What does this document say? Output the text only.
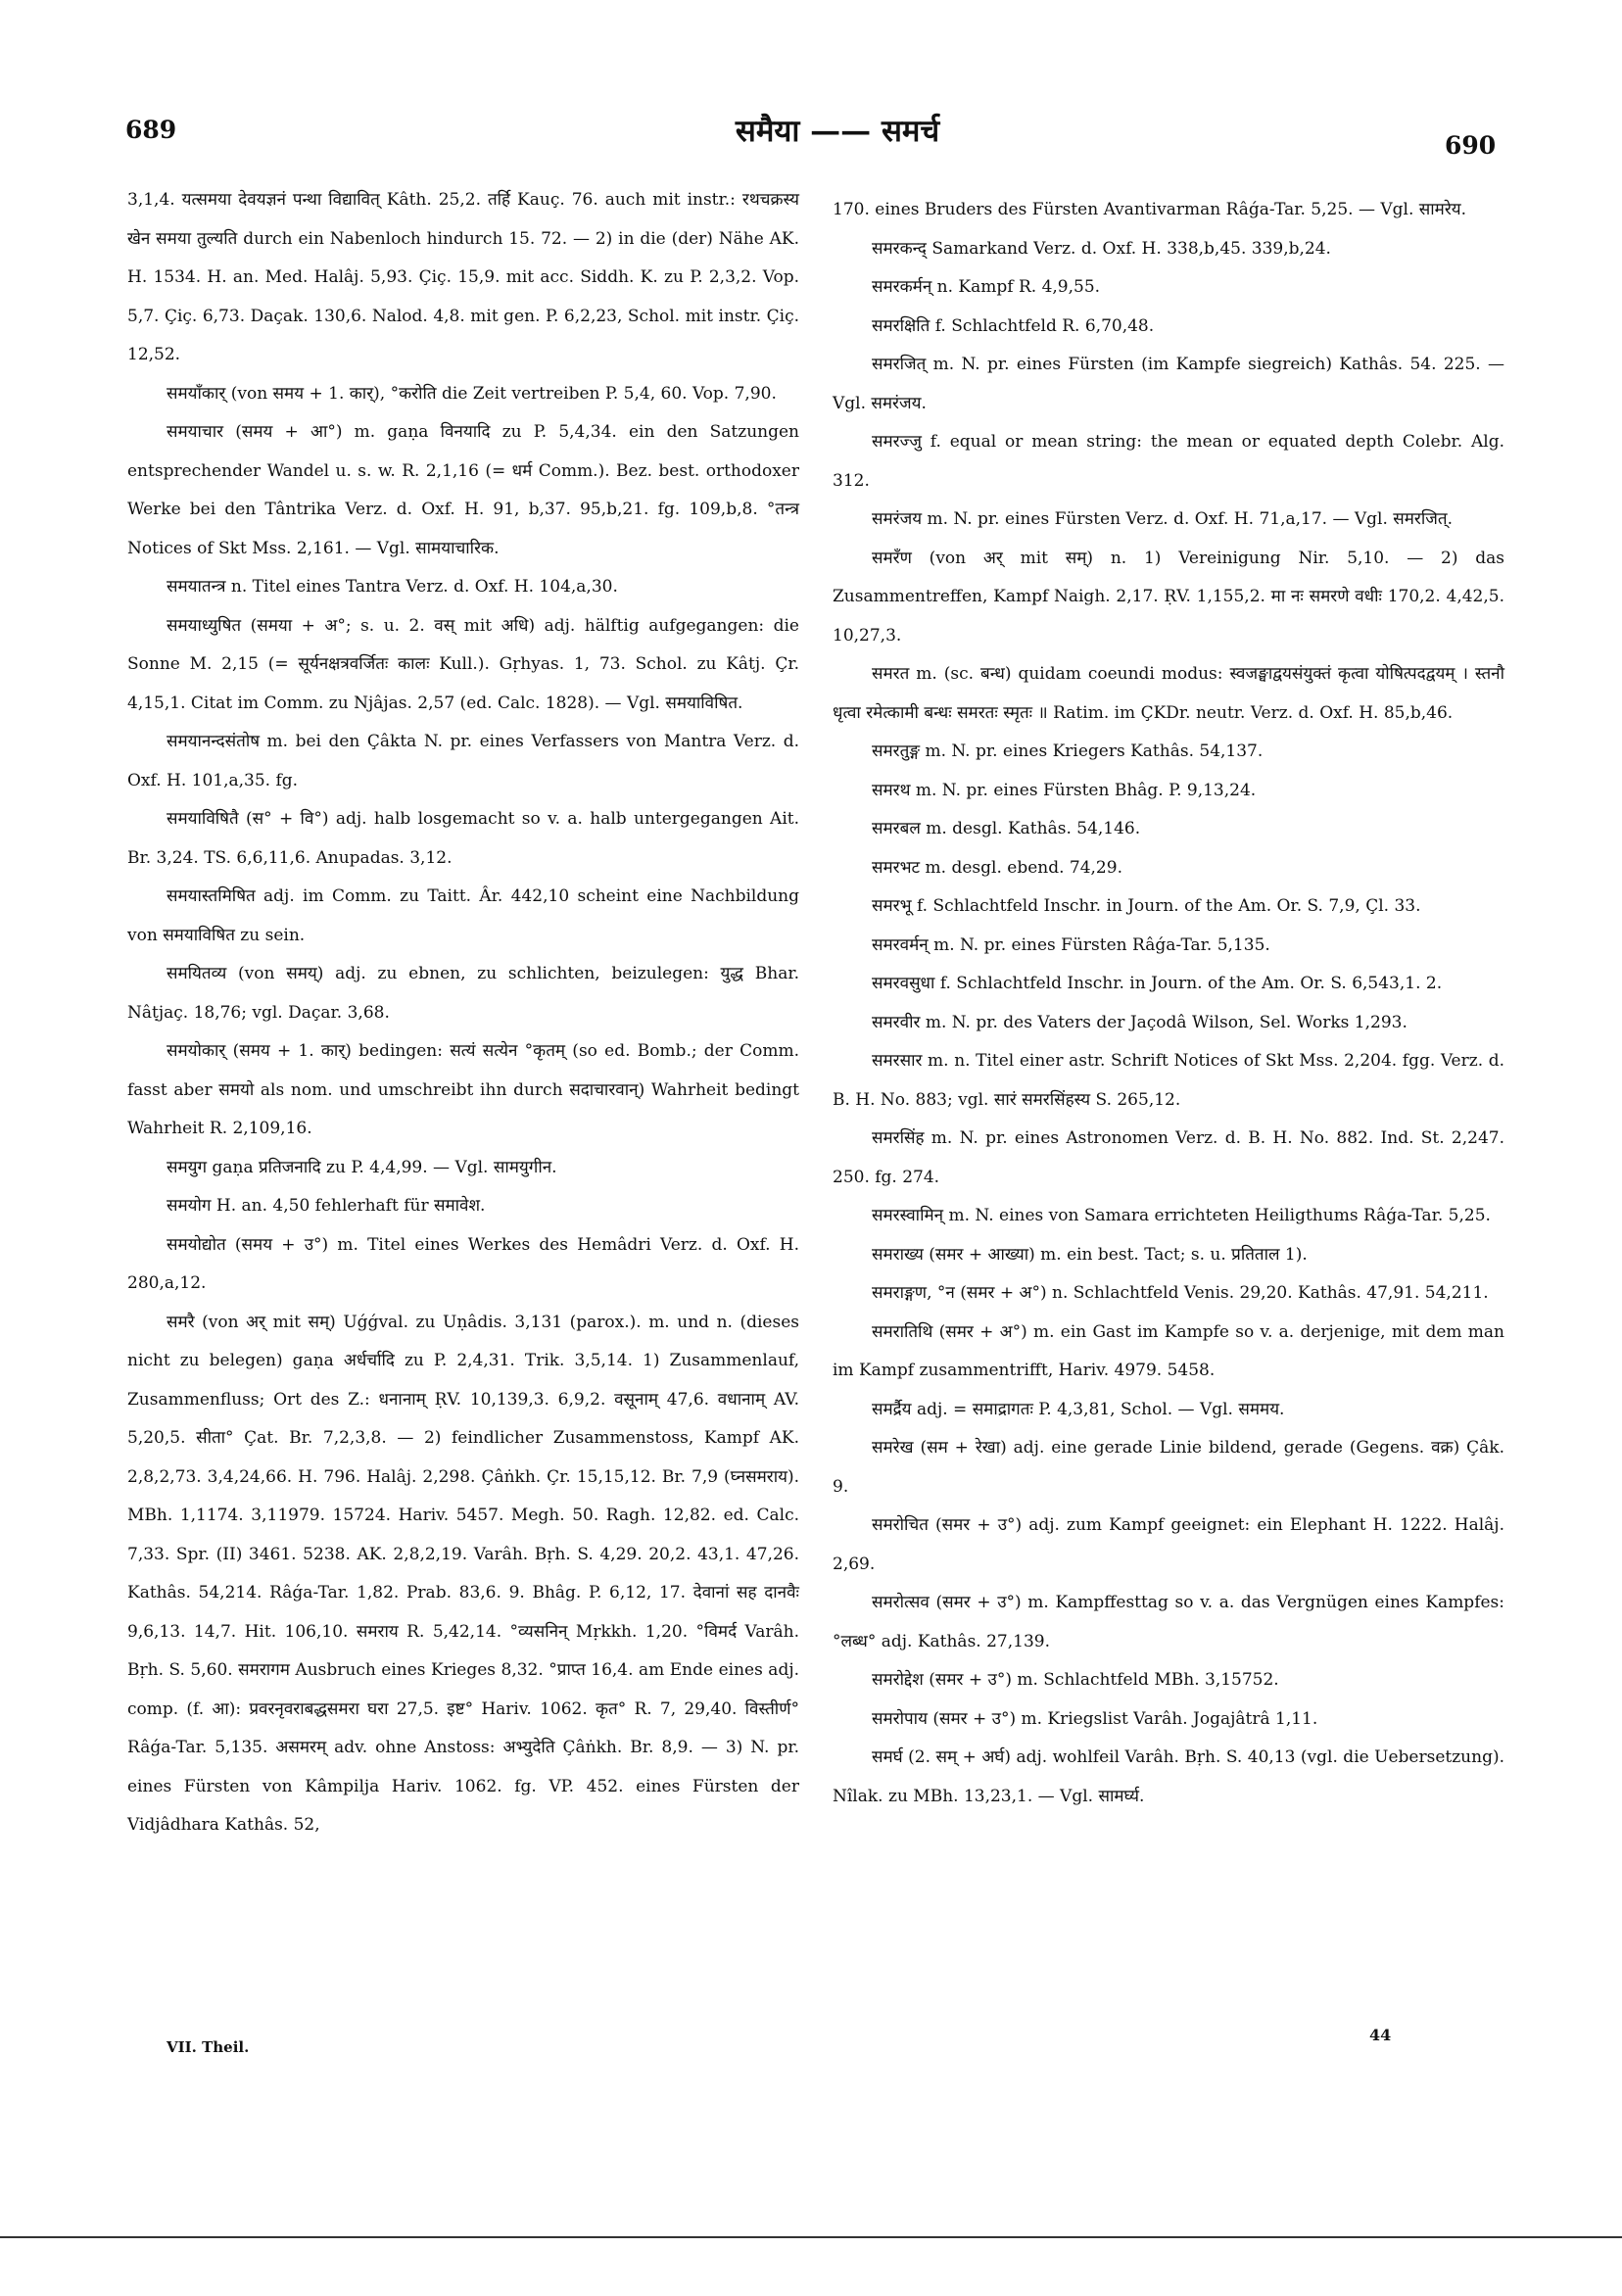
689	समैया —— समर्च	690

3,1,4. यत्समया देवयज्ञनं पन्था विद्यावित् Kâth. 25,2. तर्हि Kauç. 76. auch mit instr.: रथचक्रस्य खेन समया तुल्यति durch ein Nabenloch hindurch 15. 72. — 2) in die (der) Nähe AK. H. 1534. H. an. Med. Halâj. 5,93. Çiç. 15,9. mit acc. Siddh. K. zu P. 2,3,2. Vop. 5,7. Çiç. 6,73. Daçak. 130,6. Nalod. 4,8. mit gen. P. 6,2,23, Schol. mit instr. Çiç. 12,52.

समयाँकार् (von समय + 1. कार्), °करोति die Zeit vertreiben P. 5,4, 60. Vop. 7,90.

समयाचार (समय + आ°) m. gaṇa विनयादि zu P. 5,4,34. ein den Satzungen entsprechender Wandel u. s. w. R. 2,1,16 (= धर्म Comm.). Bez. best. orthodoxer Werke bei den Tântrika Verz. d. Oxf. H. 91, b,37. 95,b,21. fg. 109,b,8. °तन्त्र Notices of Skt Mss. 2,161. — Vgl. सामयाचारिक.

समयातन्त्र n. Titel eines Tantra Verz. d. Oxf. H. 104,a,30.

समयाध्युषित (समया + अ°; s. u. 2. वस् mit अधि) adj. hälftig aufgegangen: die Sonne M. 2,15 (= सूर्यनक्षत्रवर्जितः कालः Kull.). Gṛhyas. 1, 73. Schol. zu Kâtj. Çr. 4,15,1. Citat im Comm. zu Njâjas. 2,57 (ed. Calc. 1828). — Vgl. समयाविषित.

समयानन्दसंतोष m. bei den Çâkta N. pr. eines Verfassers von Mantra Verz. d. Oxf. H. 101,a,35. fg.

समयाविषितै (स° + वि°) adj. halb losgemacht so v. a. halb untergegangen Ait. Br. 3,24. TS. 6,6,11,6. Anupadas. 3,12.

समयास्तमिषित adj. im Comm. zu Taitt. Âr. 442,10 scheint eine Nachbildung von समयाविषित zu sein.

समयितव्य (von समय्) adj. zu ebnen, zu schlichten, beizulegen: युद्ध Bhar. Nâṭjaç. 18,76; vgl. Daçar. 3,68.

समयोकार् (समय + 1. कार्) bedingen: सत्यं सत्येन °कृतम् (so ed. Bomb.; der Comm. fasst aber समयो als nom. und umschreibt ihn durch सदाचारवान्) Wahrheit bedingt Wahrheit R. 2,109,16.

समयुग gaṇa प्रतिजनादि zu P. 4,4,99. — Vgl. सामयुगीन.

समयोग H. an. 4,50 fehlerhaft für समावेश.

समयोद्योत (समय + उ°) m. Titel eines Werkes des Hemâdri Verz. d. Oxf. H. 280,a,12.

समरै (von अर् mit सम्) Uǵǵval. zu Uṇâdis. 3,131 (parox.). m. und n. (dieses nicht zu belegen) gaṇa अर्धर्चादि zu P. 2,4,31. Trik. 3,5,14. 1) Zusammenlauf, Zusammenfluss; Ort des Z.: धनानाम् ṚV. 10,139,3. 6,9,2. वसूनाम् 47,6. वधानाम् AV. 5,20,5. सीता° Çat. Br. 7,2,3,8. — 2) feindlicher Zusammenstoss, Kampf AK. 2,8,2,73. 3,4,24,66. H. 796. Halâj. 2,298. Çâṅkh. Çr. 15,15,12. Br. 7,9 (घ्नसमराय). MBh. 1,1174. 3,11979. 15724. Hariv. 5457. Megh. 50. Ragh. 12,82. ed. Calc. 7,33. Spr. (II) 3461. 5238. AK. 2,8,2,19. Varâh. Bṛh. S. 4,29. 20,2. 43,1. 47,26. Kathâs. 54,214. Râǵa-Tar. 1,82. Prab. 83,6. 9. Bhâg. P. 6,12, 17. देवानां सह दानवैः 9,6,13. 14,7. Hit. 106,10. समराय R. 5,42,14. °व्यसनिन् Mṛkkh. 1,20. °विमर्द Varâh. Bṛh. S. 5,60. समरागम Ausbruch eines Krieges 8,32. °प्राप्त 16,4. am Ende eines adj. comp. (f. आ): प्रवरनृवराबद्धसमरा घरा 27,5. इष्ट° Hariv. 1062. कृत° R. 7, 29,40. विस्तीर्ण° Râǵa-Tar. 5,135. असमरम् adv. ohne Anstoss: अभ्युदेति Çâṅkh. Br. 8,9. — 3) N. pr. eines Fürsten von Kâmpilja Hariv. 1062. fg. VP. 452. eines Fürsten der Vidjâdhara Kathâs. 52,

170. eines Bruders des Fürsten Avantivarman Râǵa-Tar. 5,25. — Vgl. सामरेय.

समरकन्द् Samarkand Verz. d. Oxf. H. 338,b,45. 339,b,24.

समरकर्मन् n. Kampf R. 4,9,55.

समरक्षिति f. Schlachtfeld R. 6,70,48.

समरजित् m. N. pr. eines Fürsten (im Kampfe siegreich) Kathâs. 54. 225. — Vgl. समरंजय.

समरज्जु f. equal or mean string: the mean or equated depth Colebr. Alg. 312.

समरंजय m. N. pr. eines Fürsten Verz. d. Oxf. H. 71,a,17. — Vgl. समरजित्.

समरँण (von अर् mit सम्) n. 1) Vereinigung Nir. 5,10. — 2) das Zusammentreffen, Kampf Naigh. 2,17. ṚV. 1,155,2. मा नः समरणे वधीः 170,2. 4,42,5. 10,27,3.

समरत m. (sc. बन्ध) quidam coeundi modus: स्वजङ्घाद्वयसंयुक्तं कृत्वा योषित्पदद्वयम् । स्तनौ धृत्वा रमेत्कामी बन्धः समरतः स्मृतः ॥ Ratim. im ÇKDr. neutr. Verz. d. Oxf. H. 85,b,46.

समरतुङ्ग m. N. pr. eines Kriegers Kathâs. 54,137.

समरथ m. N. pr. eines Fürsten Bhâg. P. 9,13,24.

समरबल m. desgl. Kathâs. 54,146.

समरभट m. desgl. ebend. 74,29.

समरभू f. Schlachtfeld Inschr. in Journ. of the Am. Or. S. 7,9, Çl. 33.

समरवर्मन् m. N. pr. eines Fürsten Râǵa-Tar. 5,135.

समरवसुधा f. Schlachtfeld Inschr. in Journ. of the Am. Or. S. 6,543,1. 2.

समरवीर m. N. pr. des Vaters der Jaçodâ Wilson, Sel. Works 1,293.

समरसार m. n. Titel einer astr. Schrift Notices of Skt Mss. 2,204. fgg. Verz. d. B. H. No. 883; vgl. सारं समरसिंहस्य S. 265,12.

समरसिंह m. N. pr. eines Astronomen Verz. d. B. H. No. 882. Ind. St. 2,247. 250. fg. 274.

समरस्वामिन् m. N. eines von Samara errichteten Heiligthums Râǵa-Tar. 5,25.

समराख्य (समर + आख्या) m. ein best. Tact; s. u. प्रतिताल 1).

समराङ्गण, °न (समर + अ°) n. Schlachtfeld Venis. 29,20. Kathâs. 47,91. 54,211.

समरातिथि (समर + अ°) m. ein Gast im Kampfe so v. a. derjenige, mit dem man im Kampf zusammentrifft, Hariv. 4979. 5458.

समर्द्रैय adj. = समाद्रागतः P. 4,3,81, Schol. — Vgl. सममय.

समरेख (सम + रेखा) adj. eine gerade Linie bildend, gerade (Gegens. वक्र) Çâk. 9.

समरोचित (समर + उ°) adj. zum Kampf geeignet: ein Elephant H. 1222. Halâj. 2,69.

समरोत्सव (समर + उ°) m. Kampffesttag so v. a. das Vergnügen eines Kampfes: °लब्ध° adj. Kathâs. 27,139.

समरोद्देश (समर + उ°) m. Schlachtfeld MBh. 3,15752.

समरोपाय (समर + उ°) m. Kriegslist Varâh. Jogajâtrâ 1,11.

समर्घ (2. सम् + अर्घ) adj. wohlfeil Varâh. Bṛh. S. 40,13 (vgl. die Uebersetzung). Nîlak. zu MBh. 13,23,1. — Vgl. सामर्घ्य.

VII. Theil.
44
